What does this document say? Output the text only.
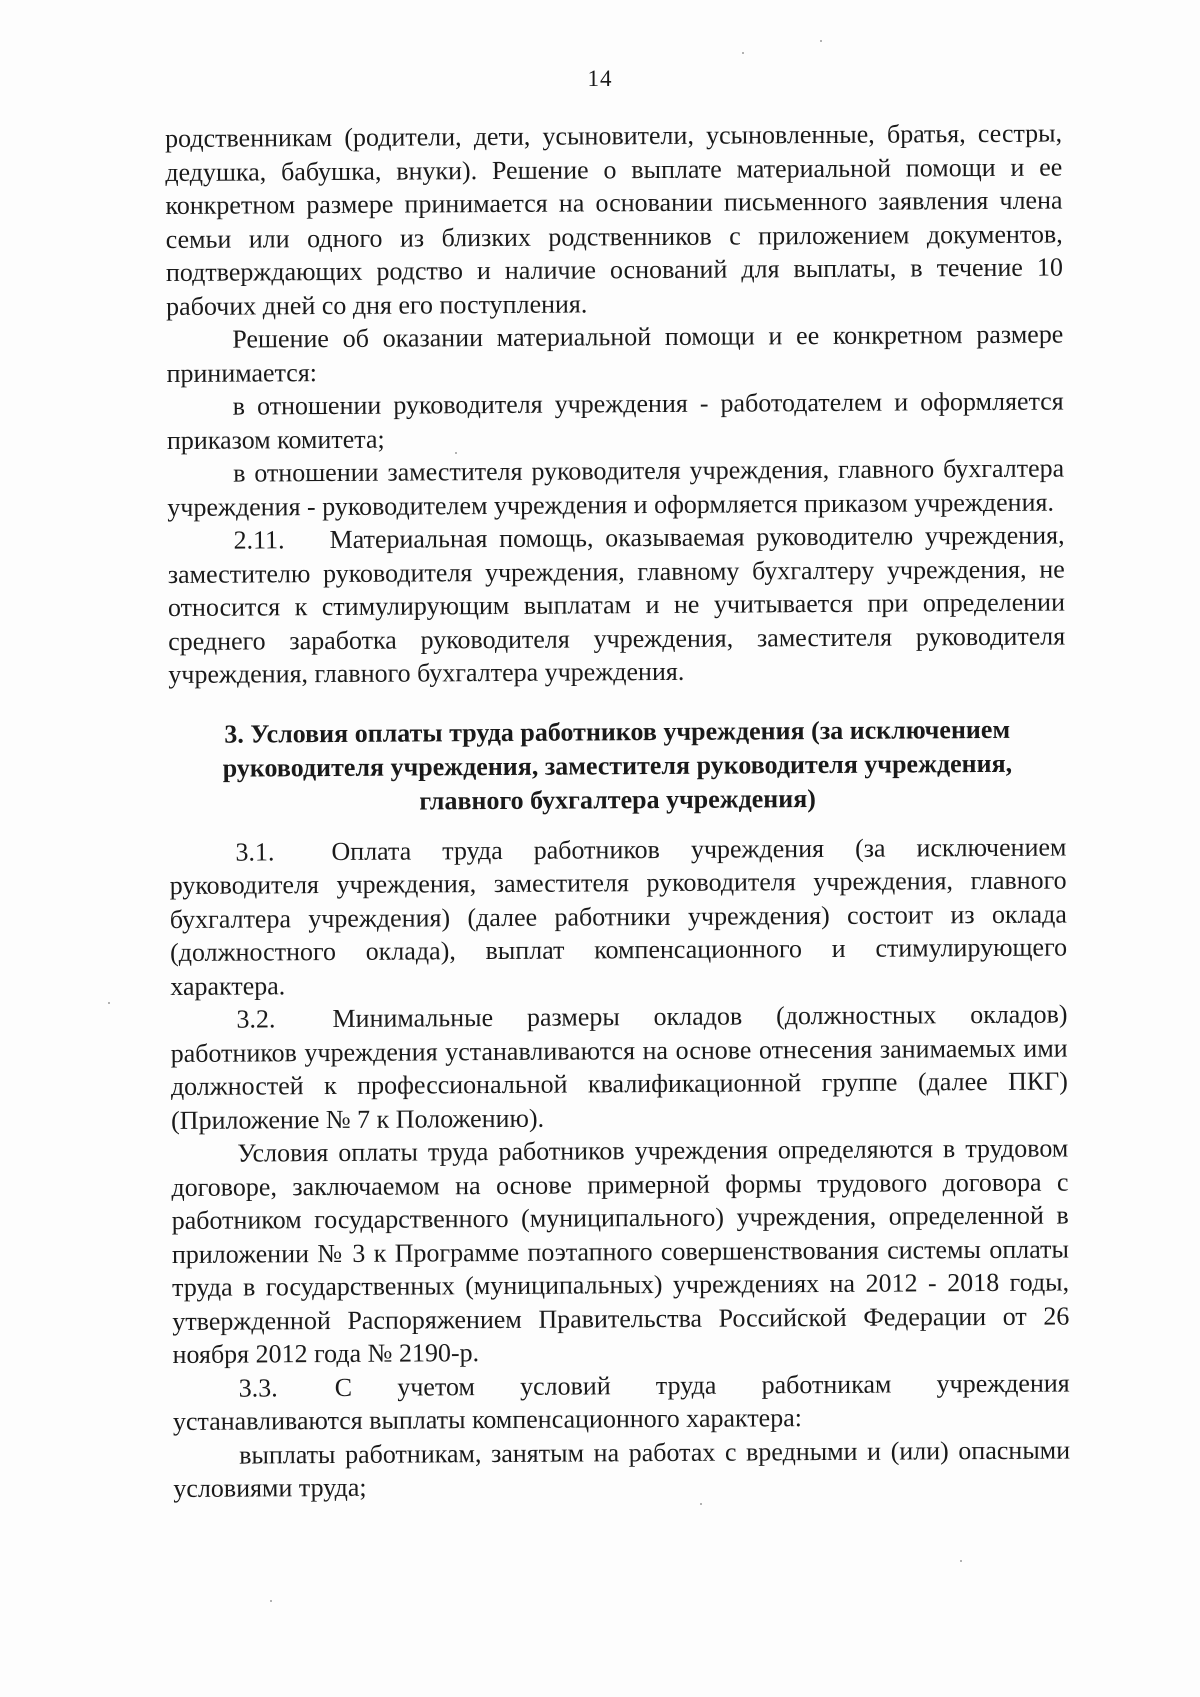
14

родственникам (родители, дети, усыновители, усыновленные, братья, сестры, дедушка, бабушка, внуки). Решение о выплате материальной помощи и ее конкретном размере принимается на основании письменного заявления члена семьи или одного из близких родственников с приложением документов, подтверждающих родство и наличие оснований для выплаты, в течение 10 рабочих дней со дня его поступления.

Решение об оказании материальной помощи и ее конкретном размере принимается:

в отношении руководителя учреждения - работодателем и оформляется приказом комитета;

в отношении заместителя руководителя учреждения, главного бухгалтера учреждения - руководителем учреждения и оформляется приказом учреждения.

2.11. Материальная помощь, оказываемая руководителю учреждения, заместителю руководителя учреждения, главному бухгалтеру учреждения, не относится к стимулирующим выплатам и не учитывается при определении среднего заработка руководителя учреждения, заместителя руководителя учреждения, главного бухгалтера учреждения.

3. Условия оплаты труда работников учреждения (за исключением руководителя учреждения, заместителя руководителя учреждения, главного бухгалтера учреждения)

3.1. Оплата труда работников учреждения (за исключением руководителя учреждения, заместителя руководителя учреждения, главного бухгалтера учреждения) (далее работники учреждения) состоит из оклада (должностного оклада), выплат компенсационного и стимулирующего характера.

3.2. Минимальные размеры окладов (должностных окладов) работников учреждения устанавливаются на основе отнесения занимаемых ими должностей к профессиональной квалификационной группе (далее ПКГ) (Приложение № 7 к Положению).

Условия оплаты труда работников учреждения определяются в трудовом договоре, заключаемом на основе примерной формы трудового договора с работником государственного (муниципального) учреждения, определенной в приложении № 3 к Программе поэтапного совершенствования системы оплаты труда в государственных (муниципальных) учреждениях на 2012 - 2018 годы, утвержденной Распоряжением Правительства Российской Федерации от 26 ноября 2012 года № 2190-р.

3.3. С учетом условий труда работникам учреждения устанавливаются выплаты компенсационного характера:

выплаты работникам, занятым на работах с вредными и (или) опасными условиями труда;
